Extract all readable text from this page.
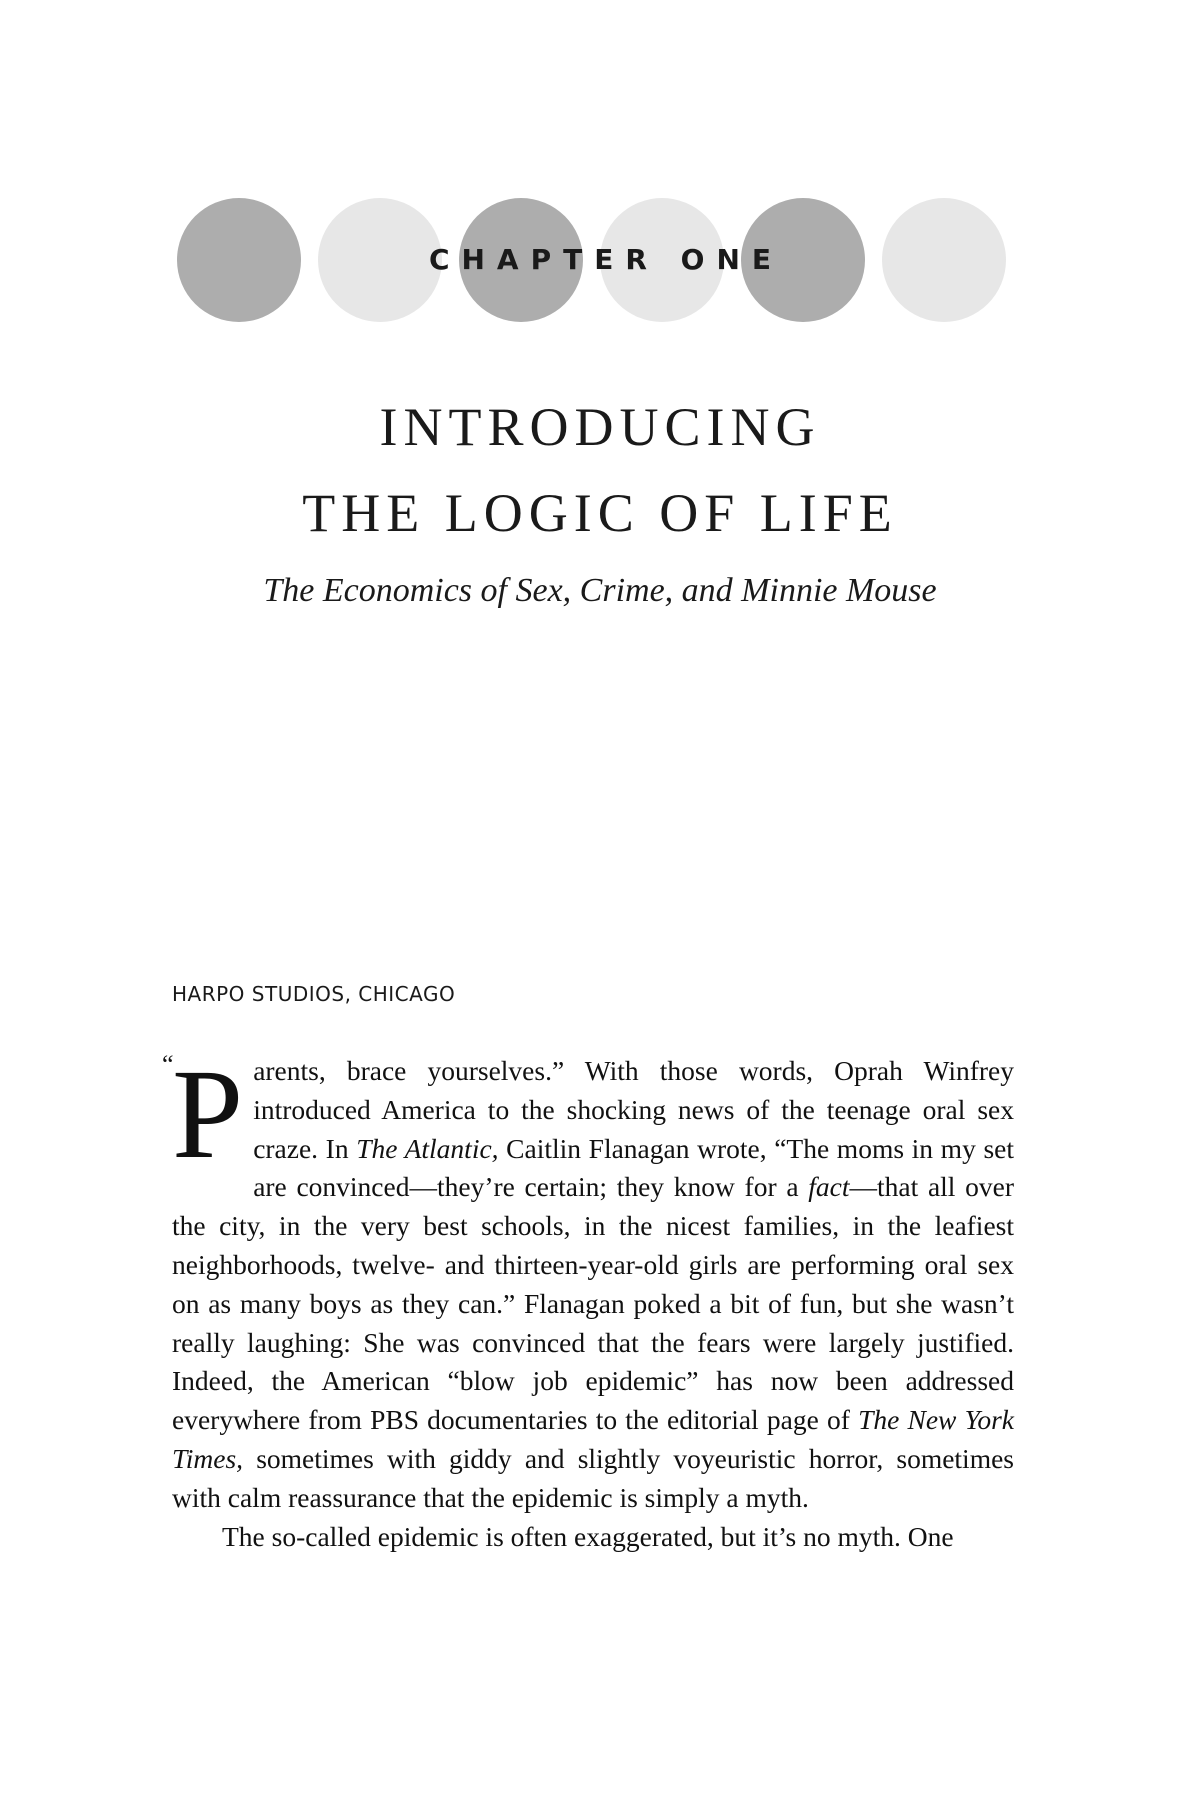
CHAPTER ONE
INTRODUCING
THE LOGIC OF LIFE
The Economics of Sex, Crime, and Minnie Mouse
HARPO STUDIOS, CHICAGO
“

Parents, brace yourselves.” With those words, Oprah Winfrey introduced America to the shocking news of the teenage oral sex craze. In The Atlantic, Caitlin Flanagan wrote, “The moms in my set are convinced—they’re certain; they know for a fact—that all over the city, in the very best schools, in the nicest families, in the leafiest neighborhoods, twelve- and thirteen-year-old girls are performing oral sex on as many boys as they can.” Flanagan poked a bit of fun, but she wasn’t really laughing: She was convinced that the fears were largely justified. Indeed, the American “blow job epidemic” has now been addressed everywhere from PBS documentaries to the editorial page of The New York Times, sometimes with giddy and slightly voyeuristic horror, sometimes with calm reassurance that the epidemic is simply a myth.

The so-called epidemic is often exaggerated, but it’s no myth. One
